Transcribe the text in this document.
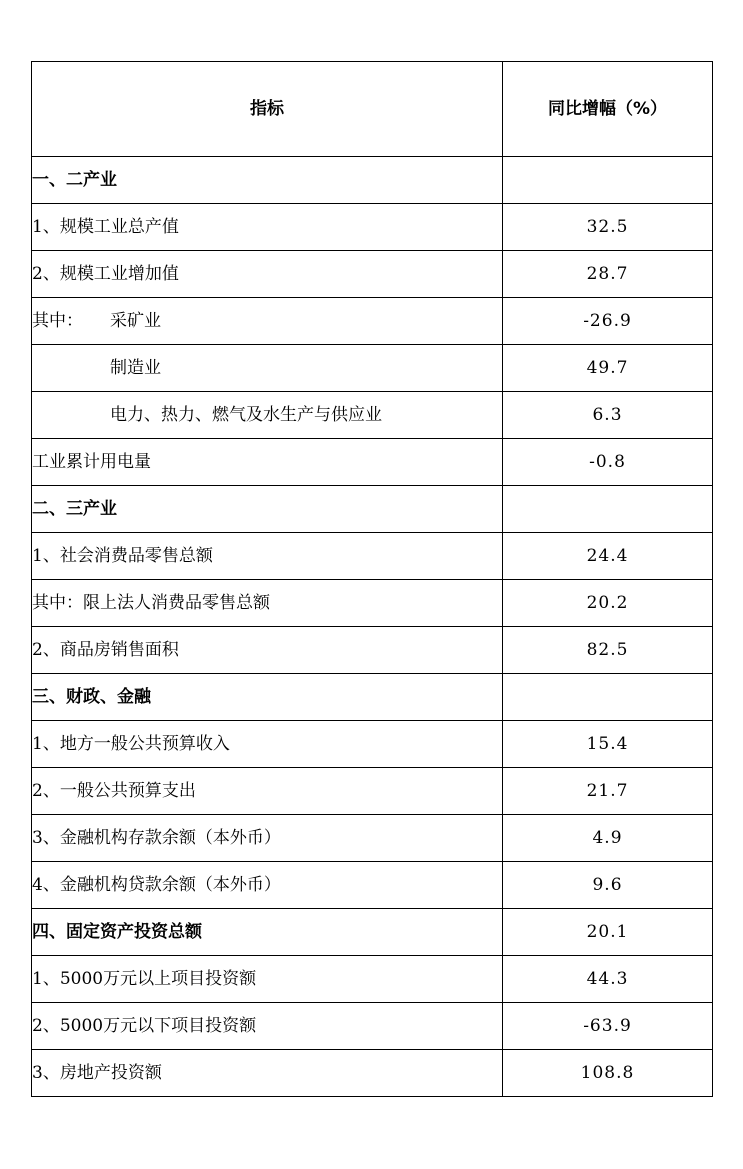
指标	同比增幅（%）
一、二产业	
1、规模工业总产值	32.5
2、规模工业增加值	28.7
其中： 采矿业	-26.9
制造业	49.7
电力、热力、燃气及水生产与供应业	6.3
工业累计用电量	-0.8
二、三产业	
1、社会消费品零售总额	24.4
其中：限上法人消费品零售总额	20.2
2、商品房销售面积	82.5
三、财政、金融	
1、地方一般公共预算收入	15.4
2、一般公共预算支出	21.7
3、金融机构存款余额（本外币）	4.9
4、金融机构贷款余额（本外币）	9.6
四、固定资产投资总额	20.1
1、5000万元以上项目投资额	44.3
2、5000万元以下项目投资额	-63.9
3、房地产投资额	108.8
